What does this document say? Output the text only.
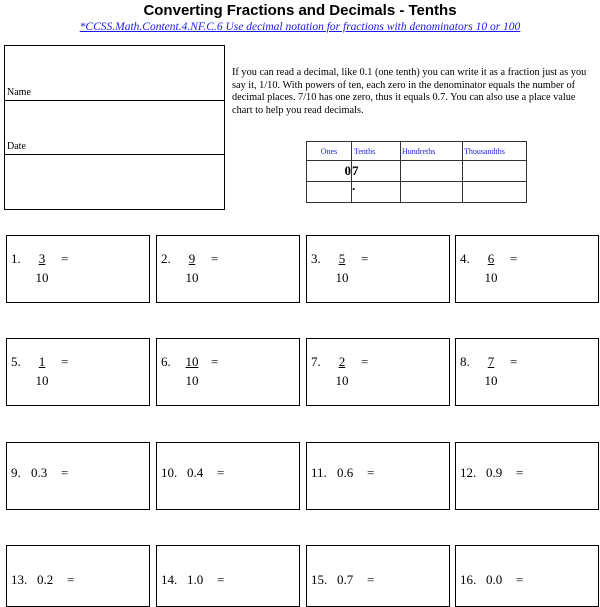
Converting Fractions and Decimals - Tenths
*CCSS.Math.Content.4.NF.C.6 Use decimal notation for fractions with denominators 10 or 100
Name
Date
If you can read a decimal, like 0.1 (one tenth) you can write it as a fraction just as you say it, 1/10. With powers of ten, each zero in the denominator equals the number of decimal places. 7/10 has one zero, thus it equals 0.7. You can also use a place value chart to help you read decimals.
Ones	Tenths	Hundreths	Thousandths
0	7		
	.		
1. $\frac{3}{10}$ =	2. $\frac{9}{10}$ =	3. $\frac{5}{10}$ =	4. $\frac{6}{10}$ =
5. $\frac{1}{10}$ =	6. $\frac{10}{10}$ =	7. $\frac{2}{10}$ =	8. $\frac{7}{10}$ =
9. 0.3 =	10. 0.4 =	11. 0.6 =	12. 0.9 =
13. 0.2 =	14. 1.0 =	15. 0.7 =	16. 0.0 =
